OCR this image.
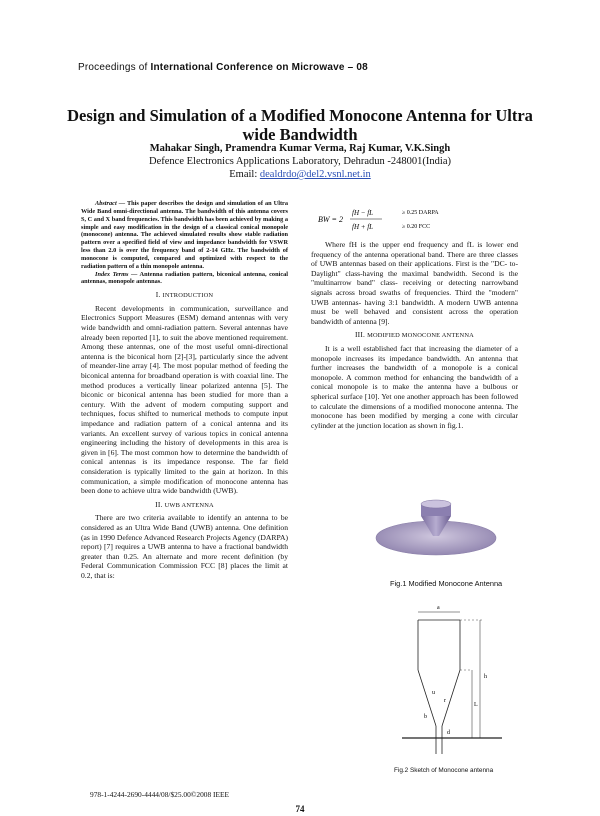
Proceedings of International Conference on Microwave – 08
Design and Simulation of a Modified Monocone Antenna for Ultra wide Bandwidth
Mahakar Singh, Pramendra Kumar Verma, Raj Kumar, V.K.Singh
Defence Electronics Applications Laboratory, Dehradun -248001(India)
Email: dealdrdo@del2.vsnl.net.in

Abstract — This paper describes the design and simulation of an Ultra Wide Band omni-directional antenna. The bandwidth of this antenna covers S, C and X band frequencies. This bandwidth has been achieved by making a simple and easy modification in the design of a classical conical monopole (monocone) antenna. The achieved simulated results show stable radiation pattern over a specified field of view and impedance bandwidth for VSWR less than 2.0 is over the frequency band of 2-14 GHz. The bandwidth of monocone is computed, compared and optimized with respect to the radiation pattern of a thin monopole antenna.

Index Terms — Antenna radiation pattern, biconical antenna, conical antennas, monopole antennas.

I. INTRODUCTION

Recent developments in communication, surveillance and Electronics Support Measures (ESM) demand antennas with very wide bandwidth and omni-radiation pattern. Several antennas have already been reported [1], to suit the above mentioned requirement. Among these antennas, one of the most useful omni-directional antenna is the biconical horn [2]-[3], particularly since the advent of meander-line array [4]. The most popular method of feeding the biconical antenna for broadband operation is with coaxial line. The method produces a vertically linear polarized antenna [5]. The biconic or biconical antenna has been studied for more than a century. With the advent of modern computing support and techniques, focus shifted to numerical methods to compute input impedance and radiation pattern of a conical antenna and its variants. An excellent survey of various topics in conical antenna engineering including the history of developments in this area is given in [6]. The most common how to determine the bandwidth of conical antennas is its impedance response. The far field consideration is typically limited to the gain at horizon. In this communication, a simple modification of monocone antenna has been done to achieve ultra wide bandwidth (UWB).

II. UWB ANTENNA

There are two criteria available to identify an antenna to be considered as an Ultra Wide Band (UWB) antenna. One definition (as in 1990 Defence Advanced Research Projects Agency (DARPA) report) [7] requires a UWB antenna to have a fractional bandwidth greater than 0.25. An alternate and more recent definition (by Federal Communication Commission FCC [8] places the limit at 0.2, that is:

BW = 2
fH − fL
fH + fL
≥ 0.25 DARPA
≥ 0.20 FCC

Where fH is the upper end frequency and fL is lower end frequency of the antenna operational band. There are three classes of UWB antennas based on their applications. First is the "DC- to- Daylight" class-having the maximal bandwidth. Second is the "multinarrow band" class- receiving or detecting narrowband signals across broad swaths of frequencies. Third the "modern" UWB antennas- having 3:1 bandwidth. A modern UWB antenna must be well behaved and consistent across the operation bandwidth of antenna [9].

III. MODIFIED MONOCONE ANTENNA

It is a well established fact that increasing the diameter of a monopole increases its impedance bandwidth. An antenna that further increases the bandwidth of a monopole is a conical monopole. A common method for enhancing the bandwidth of a conical monopole is to make the antenna have a bulbous or spherical surface [10]. Yet one another approach has been followed to calculate the dimensions of a modified monocone antenna. The monocone has been modified by merging a cone with circular cylinder at the junction location as shown in fig.1.

Fig.1 Modified Monocone Antenna
a
h
u
r
b
d
L
Fig.2 Sketch of Monocone antenna
978-1-4244-2690-4444/08/$25.00©2008 IEEE
74
